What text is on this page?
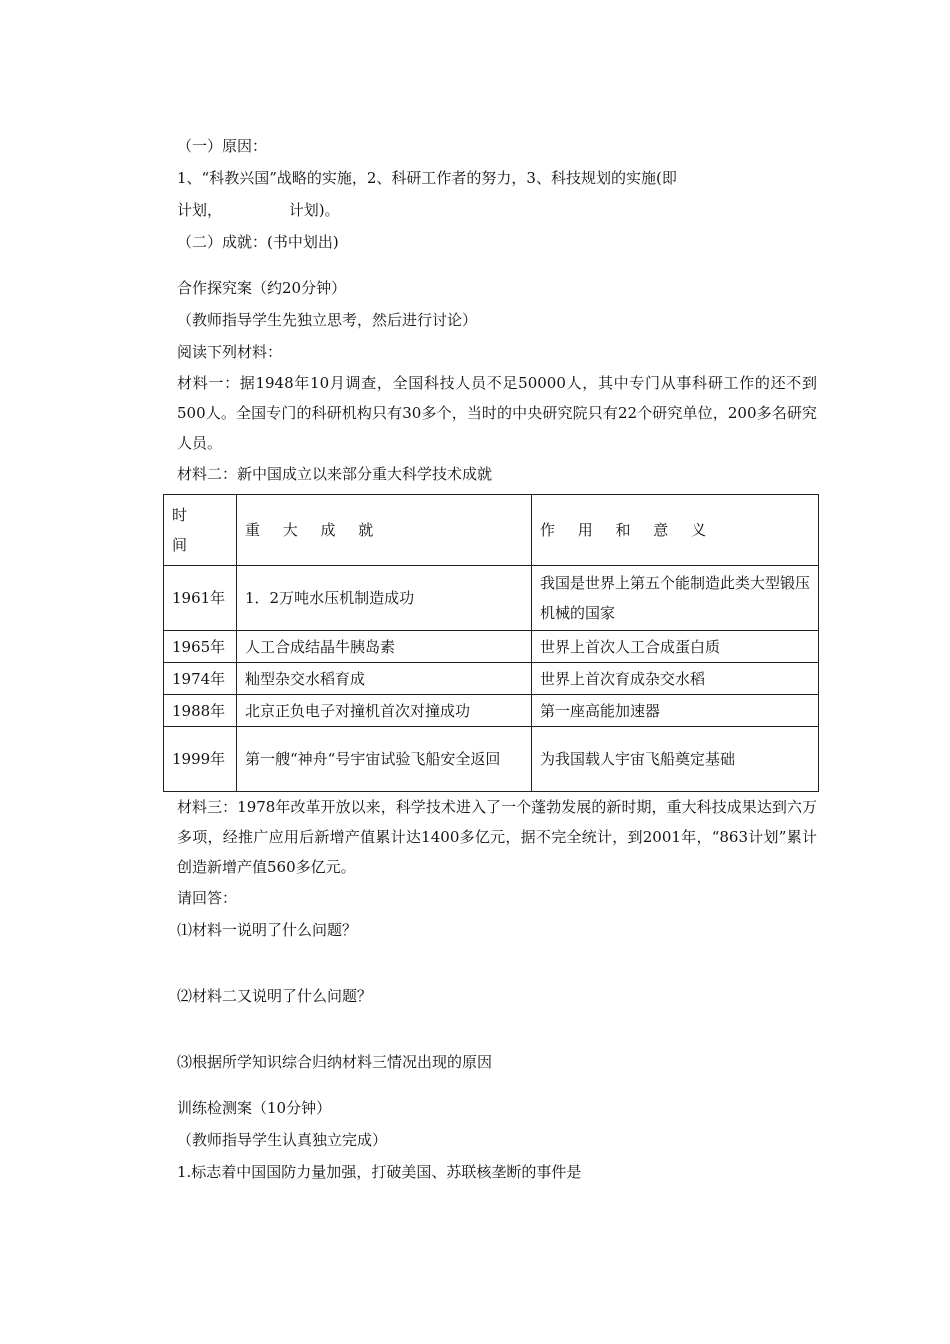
（一）原因：
1、“科教兴国”战略的实施，2、科研工作者的努力，3、科技规划的实施(即
计划，              计划)。
（二）成就：(书中划出)
合作探究案（约20分钟）
（教师指导学生先独立思考，然后进行讨论）
阅读下列材料：
材料一：据1948年10月调查，全国科技人员不足50000人，其中专门从事科研工作的还不到500人。全国专门的科研机构只有30多个，当时的中央研究院只有22个研究单位，200多名研究人员。
材料二：新中国成立以来部分重大科学技术成就
时 间	重 大 成 就	作 用 和 意 义
1961年	1．2万吨水压机制造成功	我国是世界上第五个能制造此类大型锻压机械的国家
1965年	人工合成结晶牛胰岛素	世界上首次人工合成蛋白质
1974年	籼型杂交水稻育成	世界上首次育成杂交水稻
1988年	北京正负电子对撞机首次对撞成功	第一座高能加速器
1999年	第一艘“神舟“号宇宙试验飞船安全返回	为我国载人宇宙飞船奠定基础
材料三：1978年改革开放以来，科学技术进入了一个蓬勃发展的新时期，重大科技成果达到六万多项，经推广应用后新增产值累计达1400多亿元，据不完全统计，到2001年，“863计划”累计创造新增产值560多亿元。
请回答：
⑴材料一说明了什么问题？
⑵材料二又说明了什么问题？
⑶根据所学知识综合归纳材料三情况出现的原因
训练检测案（10分钟）
（教师指导学生认真独立完成）
1.标志着中国国防力量加强，打破美国、苏联核垄断的事件是
